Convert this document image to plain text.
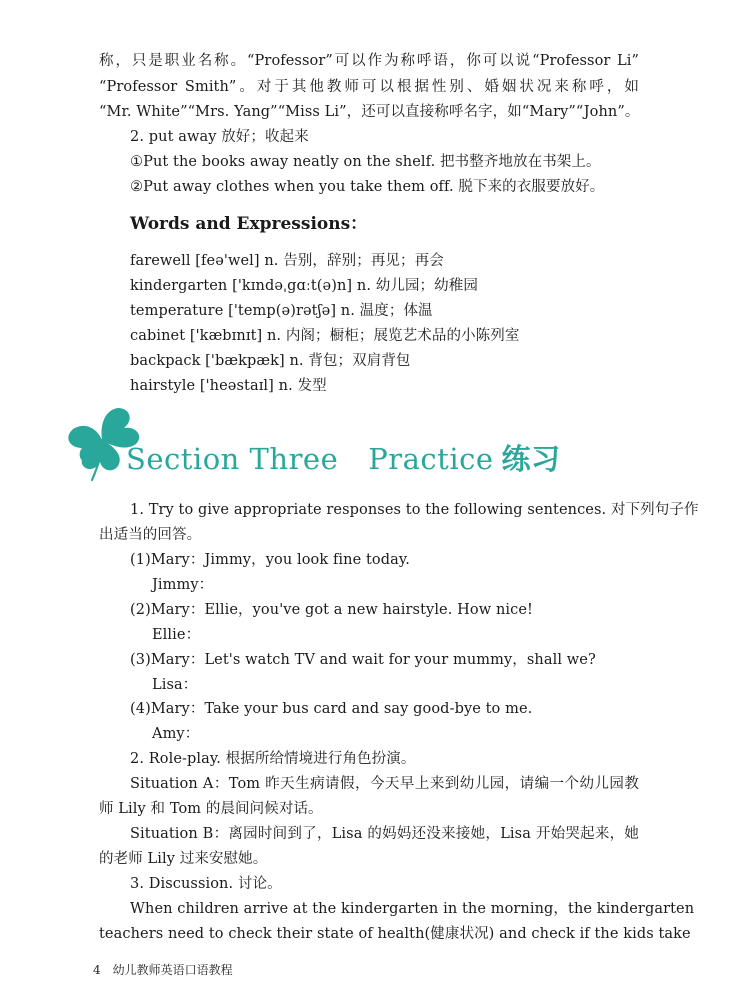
称，只是职业名称。“Professor”可以作为称呼语，你可以说“Professor Li”
“Professor Smith”。对于其他教师可以根据性别、婚姻状况来称呼，如
“Mr. White”“Mrs. Yang”“Miss Li”，还可以直接称呼名字，如“Mary”“John”。
2. put away 放好；收起来
①Put the books away neatly on the shelf. 把书整齐地放在书架上。
②Put away clothes when you take them off. 脱下来的衣服要放好。
Words and Expressions：
farewell [feə'wel] n. 告别，辞别；再见；再会
kindergarten ['kɪndəˌgɑːt(ə)n] n. 幼儿园；幼稚园
temperature ['temp(ə)rətʃə] n. 温度；体温
cabinet ['kæbɪnɪt] n. 内阁；橱柜；展览艺术品的小陈列室
backpack ['bækpæk] n. 背包；双肩背包
hairstyle ['heəstaɪl] n. 发型
Section Three Practice 练习
1. Try to give appropriate responses to the following sentences. 对下列句子作
出适当的回答。
(1)Mary：Jimmy，you look fine today.
Jimmy：
(2)Mary：Ellie，you've got a new hairstyle. How nice!
Ellie：
(3)Mary：Let's watch TV and wait for your mummy，shall we?
Lisa：
(4)Mary：Take your bus card and say good-bye to me.
Amy：
2. Role-play. 根据所给情境进行角色扮演。
Situation A：Tom 昨天生病请假，今天早上来到幼儿园，请编一个幼儿园教
师 Lily 和 Tom 的晨间问候对话。
Situation B：离园时间到了，Lisa 的妈妈还没来接她，Lisa 开始哭起来，她
的老师 Lily 过来安慰她。
3. Discussion. 讨论。
When children arrive at the kindergarten in the morning，the kindergarten
teachers need to check their state of health(健康状况) and check if the kids take
4 幼儿教师英语口语教程
